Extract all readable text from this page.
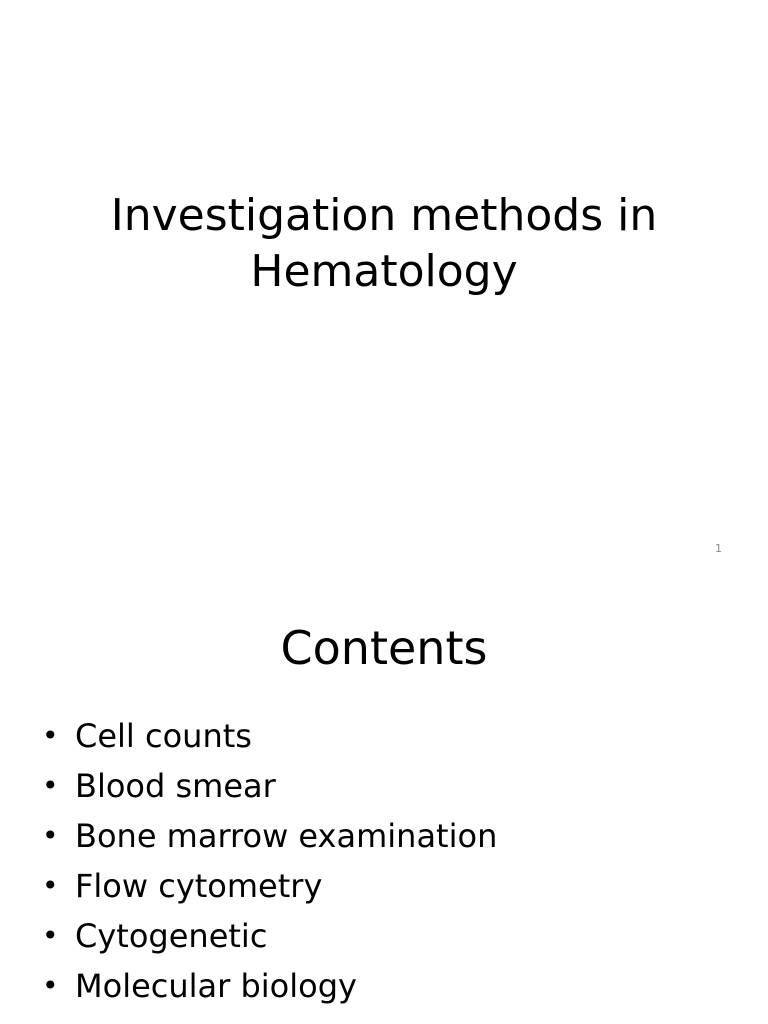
Investigation methods in
Hematology
1
Contents
• Cell counts
• Blood smear
• Bone marrow examination
• Flow cytometry
• Cytogenetic
• Molecular biology
